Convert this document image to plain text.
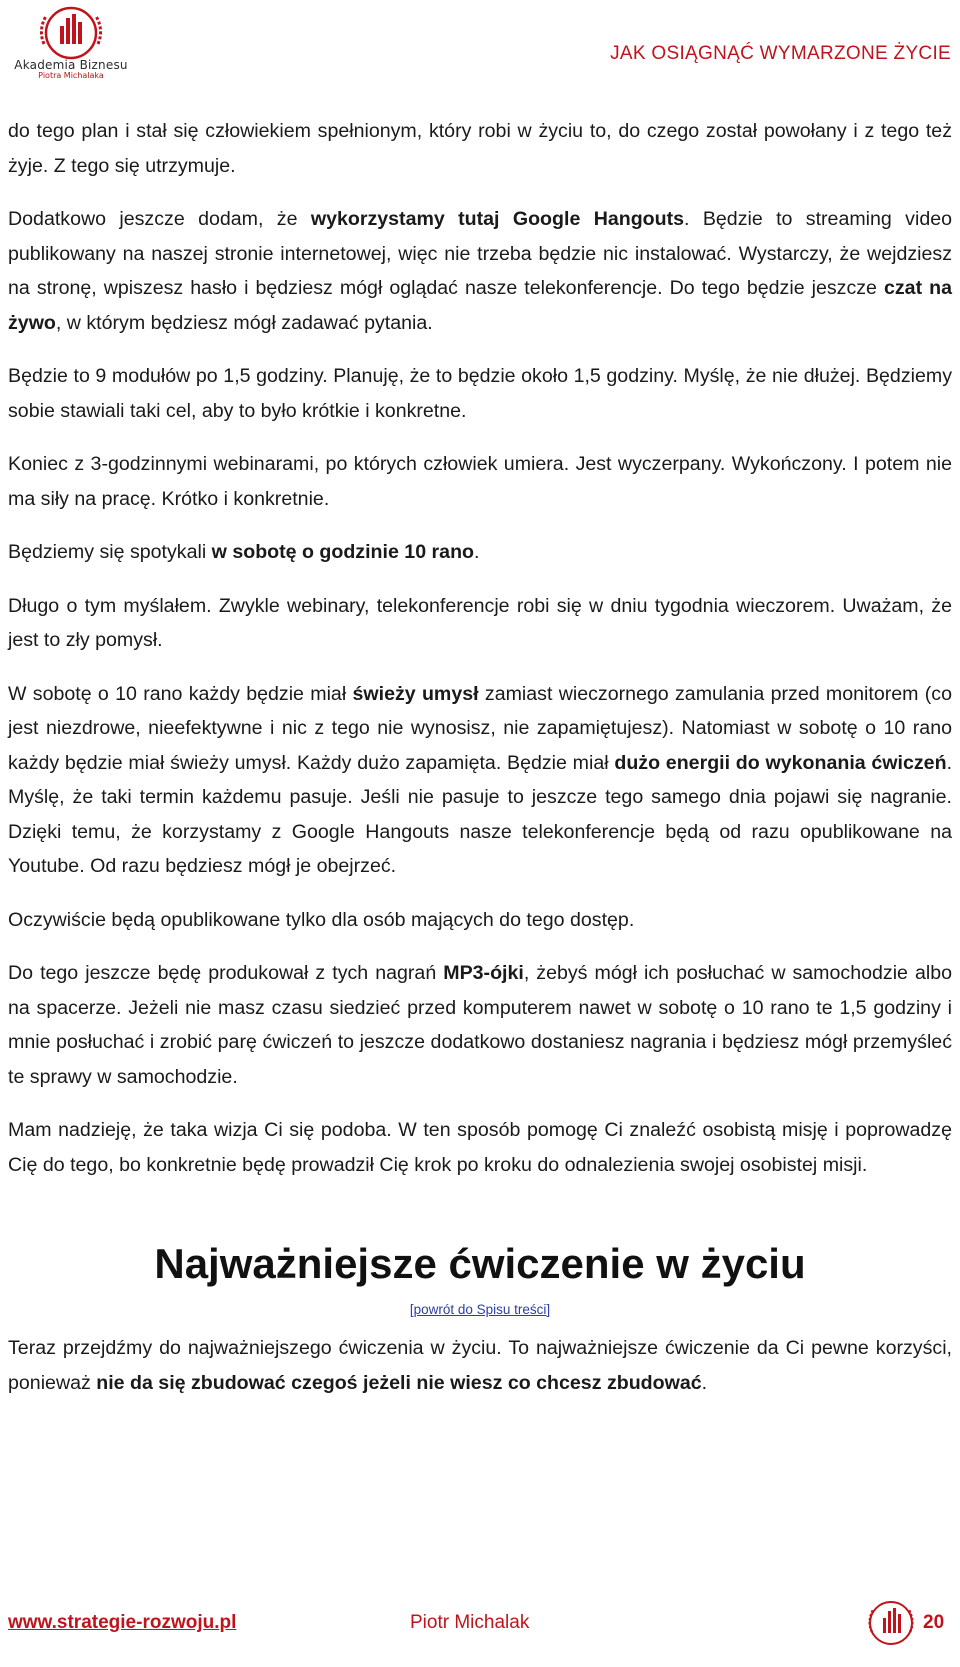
Akademia Biznesu
Piotra Michalaka
JAK OSIĄGNĄĆ WYMARZONE ŻYCIE

do tego plan i stał się człowiekiem spełnionym, który robi w życiu to, do czego został powołany i z tego też żyje. Z tego się utrzymuje.

Dodatkowo jeszcze dodam, że wykorzystamy tutaj Google Hangouts. Będzie to streaming video publikowany na naszej stronie internetowej, więc nie trzeba będzie nic instalować. Wystarczy, że wejdziesz na stronę, wpiszesz hasło i będziesz mógł oglądać nasze telekonferencje. Do tego będzie jeszcze czat na żywo, w którym będziesz mógł zadawać pytania.

Będzie to 9 modułów po 1,5 godziny. Planuję, że to będzie około 1,5 godziny. Myślę, że nie dłużej. Będziemy sobie stawiali taki cel, aby to było krótkie i konkretne.

Koniec z 3-godzinnymi webinarami, po których człowiek umiera. Jest wyczerpany. Wykończony. I potem nie ma siły na pracę. Krótko i konkretnie.

Będziemy się spotykali w sobotę o godzinie 10 rano.

Długo o tym myślałem. Zwykle webinary, telekonferencje robi się w dniu tygodnia wieczorem. Uważam, że jest to zły pomysł.

W sobotę o 10 rano każdy będzie miał świeży umysł zamiast wieczornego zamulania przed monitorem (co jest niezdrowe, nieefektywne i nic z tego nie wynosisz, nie zapamiętujesz). Natomiast w sobotę o 10 rano każdy będzie miał świeży umysł. Każdy dużo zapamięta. Będzie miał dużo energii do wykonania ćwiczeń. Myślę, że taki termin każdemu pasuje. Jeśli nie pasuje to jeszcze tego samego dnia pojawi się nagranie. Dzięki temu, że korzystamy z Google Hangouts nasze telekonferencje będą od razu opublikowane na Youtube. Od razu będziesz mógł je obejrzeć.

Oczywiście będą opublikowane tylko dla osób mających do tego dostęp.

Do tego jeszcze będę produkował z tych nagrań MP3-ójki, żebyś mógł ich posłuchać w samochodzie albo na spacerze. Jeżeli nie masz czasu siedzieć przed komputerem nawet w sobotę o 10 rano te 1,5 godziny i mnie posłuchać i zrobić parę ćwiczeń to jeszcze dodatkowo dostaniesz nagrania i będziesz mógł przemyśleć te sprawy w samochodzie.

Mam nadzieję, że taka wizja Ci się podoba. W ten sposób pomogę Ci znaleźć osobistą misję i poprowadzę Cię do tego, bo konkretnie będę prowadził Cię krok po kroku do odnalezienia swojej osobistej misji.

Najważniejsze ćwiczenie w życiu
[powrót do Spisu treści]

Teraz przejdźmy do najważniejszego ćwiczenia w życiu. To najważniejsze ćwiczenie da Ci pewne korzyści, ponieważ nie da się zbudować czegoś jeżeli nie wiesz co chcesz zbudować.

www.strategie-rozwoju.pl	Piotr Michalak	20
